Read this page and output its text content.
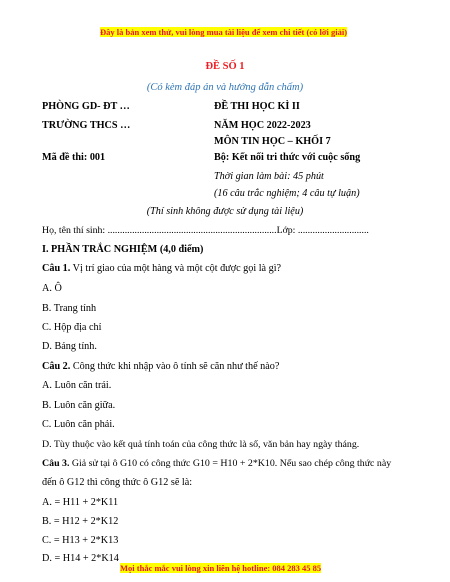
Đây là bản xem thử, vui lòng mua tài liệu để xem chi tiết (có lời giải)
ĐỀ SỐ 1
(Có kèm đáp án và hướng dẫn chấm)
PHÒNG GD- ĐT …
TRƯỜNG THCS …
Mã đề thi: 001
ĐỀ THI HỌC KÌ II
NĂM HỌC 2022-2023
MÔN TIN HỌC – KHỐI 7
Bộ: Kết nối tri thức với cuộc sống
Thời gian làm bài: 45 phút
(16 câu trắc nghiệm; 4 câu tự luận)
(Thí sinh không được sử dụng tài liệu)
Họ, tên thí sinh: .....................................................................Lớp: .............................
I. PHẦN TRẮC NGHIỆM (4,0 điểm)
Câu 1. Vị trí giao của một hàng và một cột được gọi là gì?
A. Ô
B. Trang tính
C. Hộp địa chỉ
D. Bảng tính.
Câu 2. Công thức khi nhập vào ô tính sẽ căn như thế nào?
A. Luôn căn trái.
B. Luôn căn giữa.
C. Luôn căn phải.
D. Tùy thuộc vào kết quả tính toán của công thức là số, văn bản hay ngày tháng.
Câu 3. Giả sử tại ô G10 có công thức G10 = H10 + 2*K10. Nếu sao chép công thức này
đến ô G12 thì công thức ô G12 sẽ là:
A. = H11 + 2*K11
B. = H12 + 2*K12
C. = H13 + 2*K13
D. = H14 + 2*K14
Mọi thắc mắc vui lòng xin liên hệ hotline: 084 283 45 85
